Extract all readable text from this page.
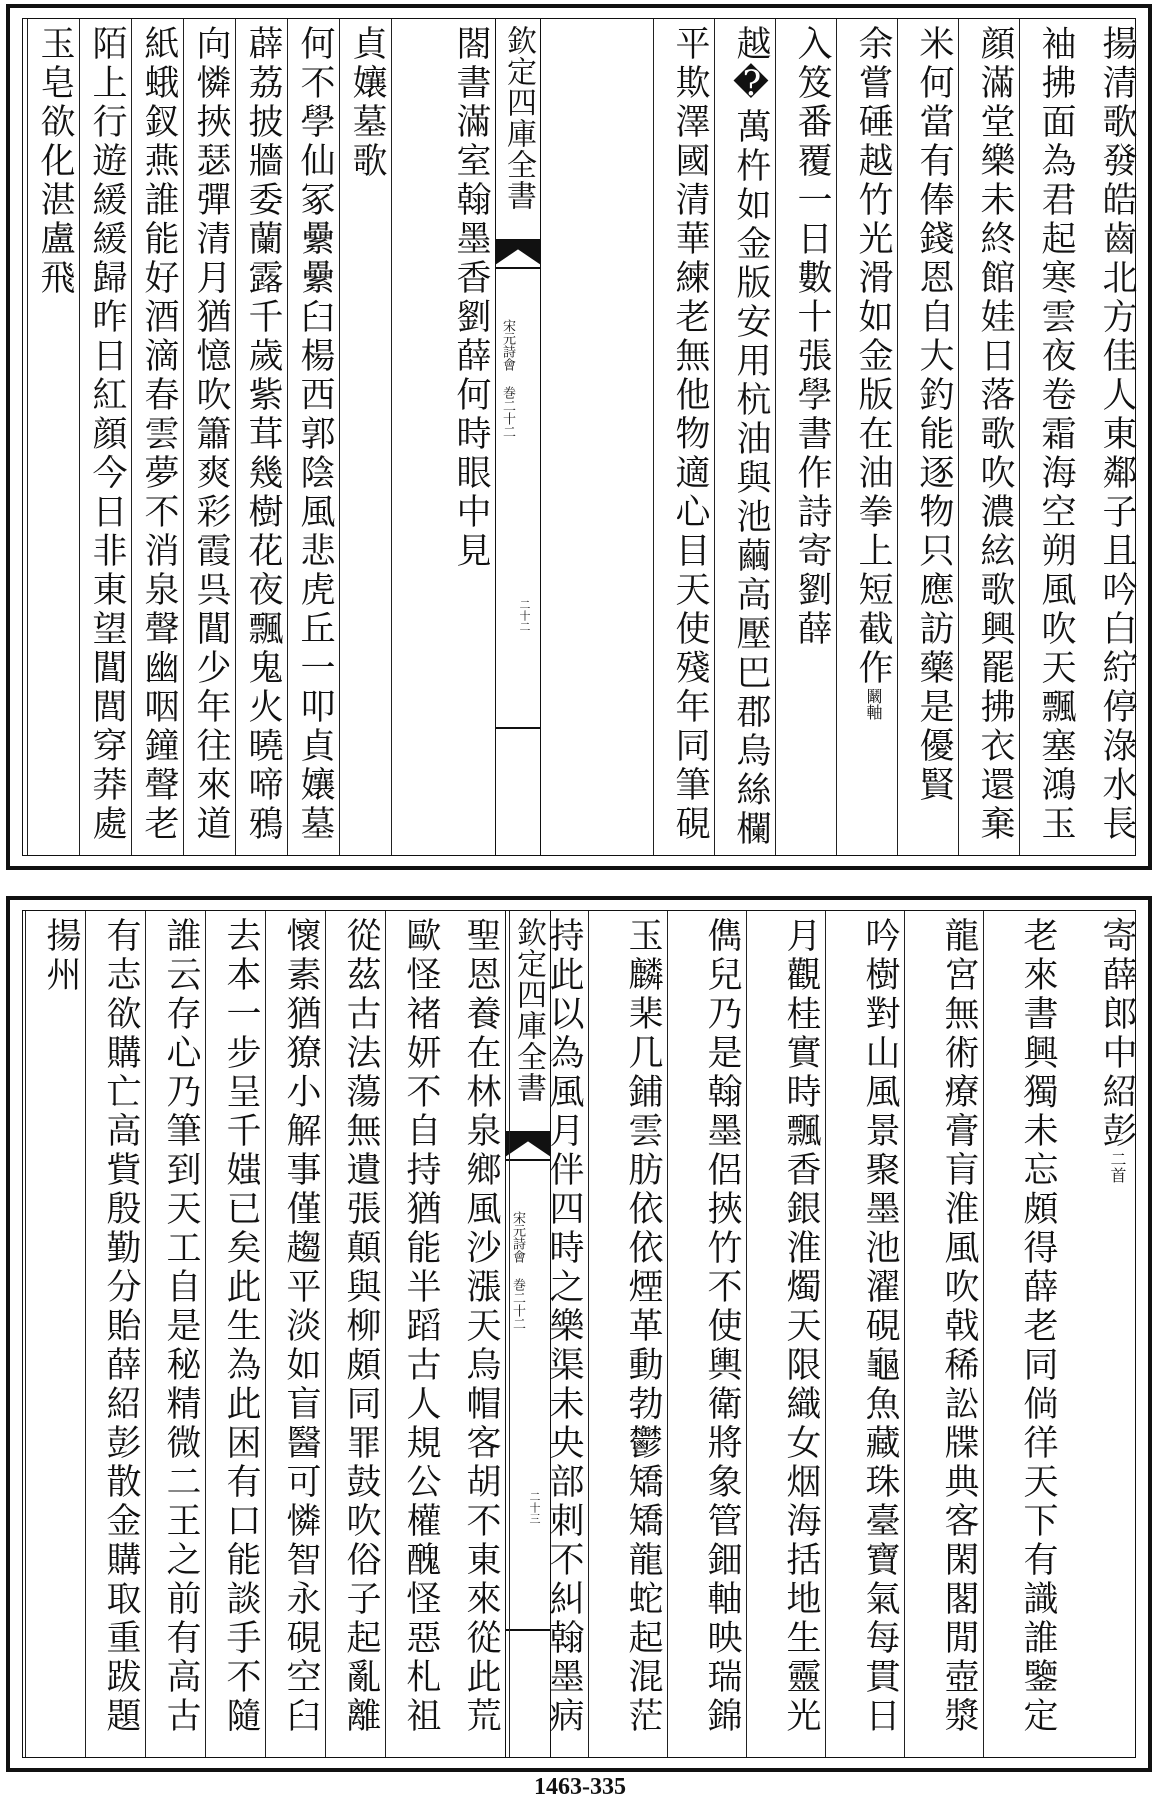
欽定四庫全書
宋元詩會 巻二十二
二十二	揚清歌發皓齒北方佳人東鄰子且吟白紵停淥水長
袖拂面為君起寒雲夜卷霜海空朔風吹天飄塞鴻玉
顔滿堂樂未終館娃日落歌吹濃絃歌興罷拂衣還棄
米何當有俸錢恩自大釣能逐物只應訪藥是優賢
余嘗硾越竹光滑如金版在油拳上短截作$^{鬫軸}$
入笈番覆一日數十張學書作詩寄劉薛
越�萬杵如金版安用杭油與池繭高壓巴郡烏絲欄
平欺澤國清華練老無他物適心目天使殘年同筆硯
閤書滿室翰墨香劉薛何時眼中見
貞孃墓歌
何不學仙冢纍纍臼楊西郭陰風悲虎丘一叩貞孃墓
薜荔披牆委蘭露千歲紫茸幾樹花夜飄鬼火曉啼鴉
向憐挾瑟彈清月猶憶吹簫爽彩霞呉閶少年往來道
紙蛾釵燕誰能好酒滴春雲夢不消泉聲幽咽鐘聲老
陌上行遊緩緩歸昨日紅顔今日非東望閶閭穿莽處
玉皂欲化湛盧飛
欽定四庫全書
宋元詩會 巻二十二
二十三
寄薛郎中紹彭$^{二首}$
老來書興獨未忘頗得薛老同倘徉天下有識誰鑒定
龍宮無術療膏肓淮風吹戟稀訟牒典客閑閣閒壺漿
吟樹對山風景聚墨池濯硯龜魚藏珠臺寶氣每貫日
月觀桂實時飄香銀淮燭天限織女烟海括地生靈光
儁兒乃是翰墨侶挾竹不使輿衛將象管鈿軸映瑞錦
玉麟棐几鋪雲肪依依煙革動勃鬱矯矯龍蛇起混茫
持此以為風月伴四時之樂渠未央部刺不糾翰墨病
聖恩養在林泉鄉風沙漲天烏帽客胡不東來從此荒
歐怪褚妍不自持猶能半蹈古人規公權醜怪惡札祖
從茲古法蕩無遺張顛與柳頗同罪鼓吹俗子起亂離
懷素猶獠小解事僅趨平淡如盲醫可憐智永硯空臼
去本一步呈千媸已矣此生為此困有口能談手不隨
誰云存心乃筆到天工自是秘精微二王之前有高古
有志欲購亡高貲殷勤分貽薛紹彭散金購取重跋題
揚州
1463-335
